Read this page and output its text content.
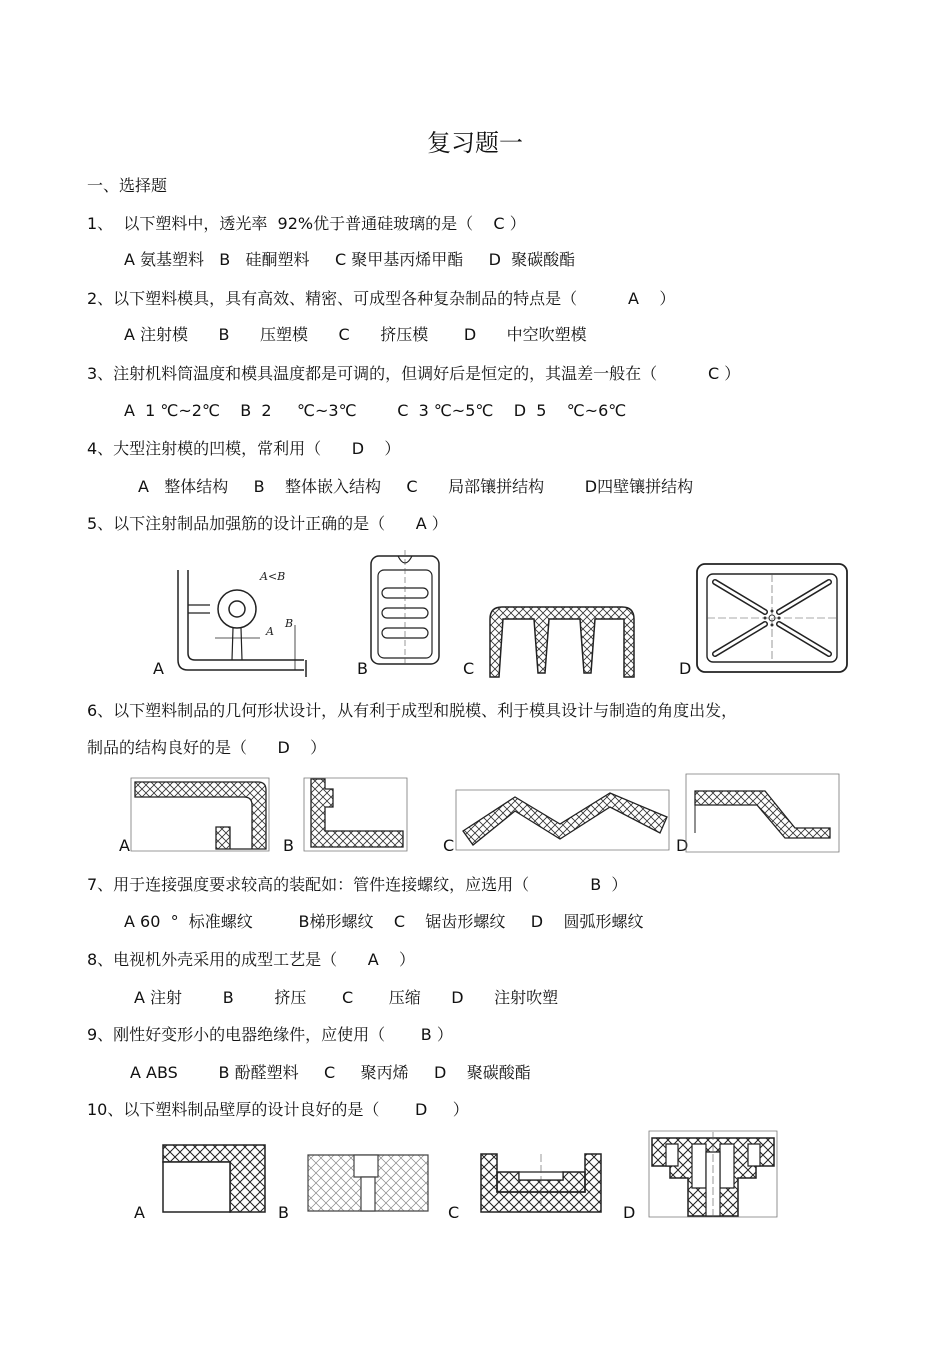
复习题一
一、选择题
1、  以下塑料中，透光率  92%优于普通硅玻璃的是（    C ）
A 氨基塑料   B   硅酮塑料     C 聚甲基丙烯甲酯     D  聚碳酸酯
2、以下塑料模具，具有高效、精密、可成型各种复杂制品的特点是（          A    ）
A 注射模      B      压塑模      C      挤压模       D      中空吹塑模
3、注射机料筒温度和模具温度都是可调的，但调好后是恒定的，其温差一般在（          C ）
A  1 ℃~2℃    B  2     ℃~3℃        C  3 ℃~5℃    D  5    ℃~6℃
4、大型注射模的凹模，常利用（      D    ）
A   整体结构     B    整体嵌入结构     C      局部镶拼结构        D四壁镶拼结构
5、以下注射制品加强筋的设计正确的是（      A ）
A
A<B
A
B
B	C	D
6、以下塑料制品的几何形状设计，从有利于成型和脱模、利于模具设计与制造的角度出发，
制品的结构良好的是（      D    ）
A	B	C	D
7、用于连接强度要求较高的装配如：管件连接螺纹，应选用（            B  ）
A 60  °  标准螺纹         B梯形螺纹    C    锯齿形螺纹     D    圆弧形螺纹
8、电视机外壳采用的成型工艺是（      A    ）
A 注射        B        挤压       C       压缩      D      注射吹塑
9、刚性好变形小的电器绝缘件，应使用（       B ）
A ABS        B 酚醛塑料     C     聚丙烯     D    聚碳酸酯
10、以下塑料制品壁厚的设计良好的是（       D     ）
A	B	C	D
